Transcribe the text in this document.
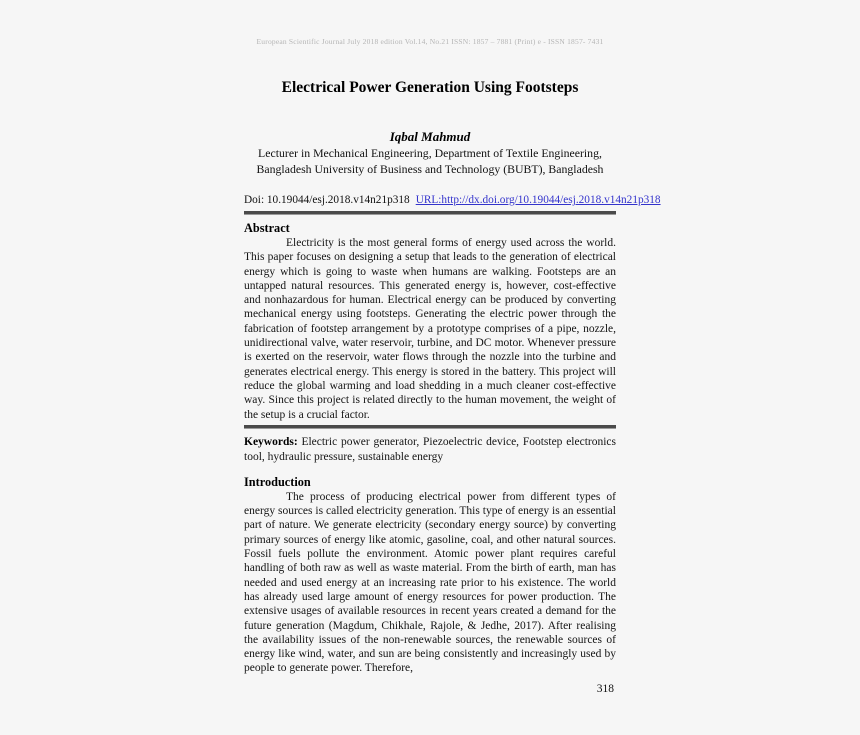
European Scientific Journal July 2018 edition Vol.14, No.21 ISSN: 1857 – 7881 (Print) e - ISSN 1857- 7431
Electrical Power Generation Using Footsteps
Iqbal Mahmud
Lecturer in Mechanical Engineering, Department of Textile Engineering,
Bangladesh University of Business and Technology (BUBT), Bangladesh
Doi: 10.19044/esj.2018.v14n21p318 URL:http://dx.doi.org/10.19044/esj.2018.v14n21p318
Abstract

Electricity is the most general forms of energy used across the world. This paper focuses on designing a setup that leads to the generation of electrical energy which is going to waste when humans are walking. Footsteps are an untapped natural resources. This generated energy is, however, cost-effective and nonhazardous for human. Electrical energy can be produced by converting mechanical energy using footsteps. Generating the electric power through the fabrication of footstep arrangement by a prototype comprises of a pipe, nozzle, unidirectional valve, water reservoir, turbine, and DC motor. Whenever pressure is exerted on the reservoir, water flows through the nozzle into the turbine and generates electrical energy. This energy is stored in the battery. This project will reduce the global warming and load shedding in a much cleaner cost-effective way. Since this project is related directly to the human movement, the weight of the setup is a crucial factor.

Keywords: Electric power generator, Piezoelectric device, Footstep electronics tool, hydraulic pressure, sustainable energy

Introduction

The process of producing electrical power from different types of energy sources is called electricity generation. This type of energy is an essential part of nature. We generate electricity (secondary energy source) by converting primary sources of energy like atomic, gasoline, coal, and other natural sources. Fossil fuels pollute the environment. Atomic power plant requires careful handling of both raw as well as waste material. From the birth of earth, man has needed and used energy at an increasing rate prior to his existence. The world has already used large amount of energy resources for power production. The extensive usages of available resources in recent years created a demand for the future generation (Magdum, Chikhale, Rajole, & Jedhe, 2017). After realising the availability issues of the non-renewable sources, the renewable sources of energy like wind, water, and sun are being consistently and increasingly used by people to generate power. Therefore,

318
